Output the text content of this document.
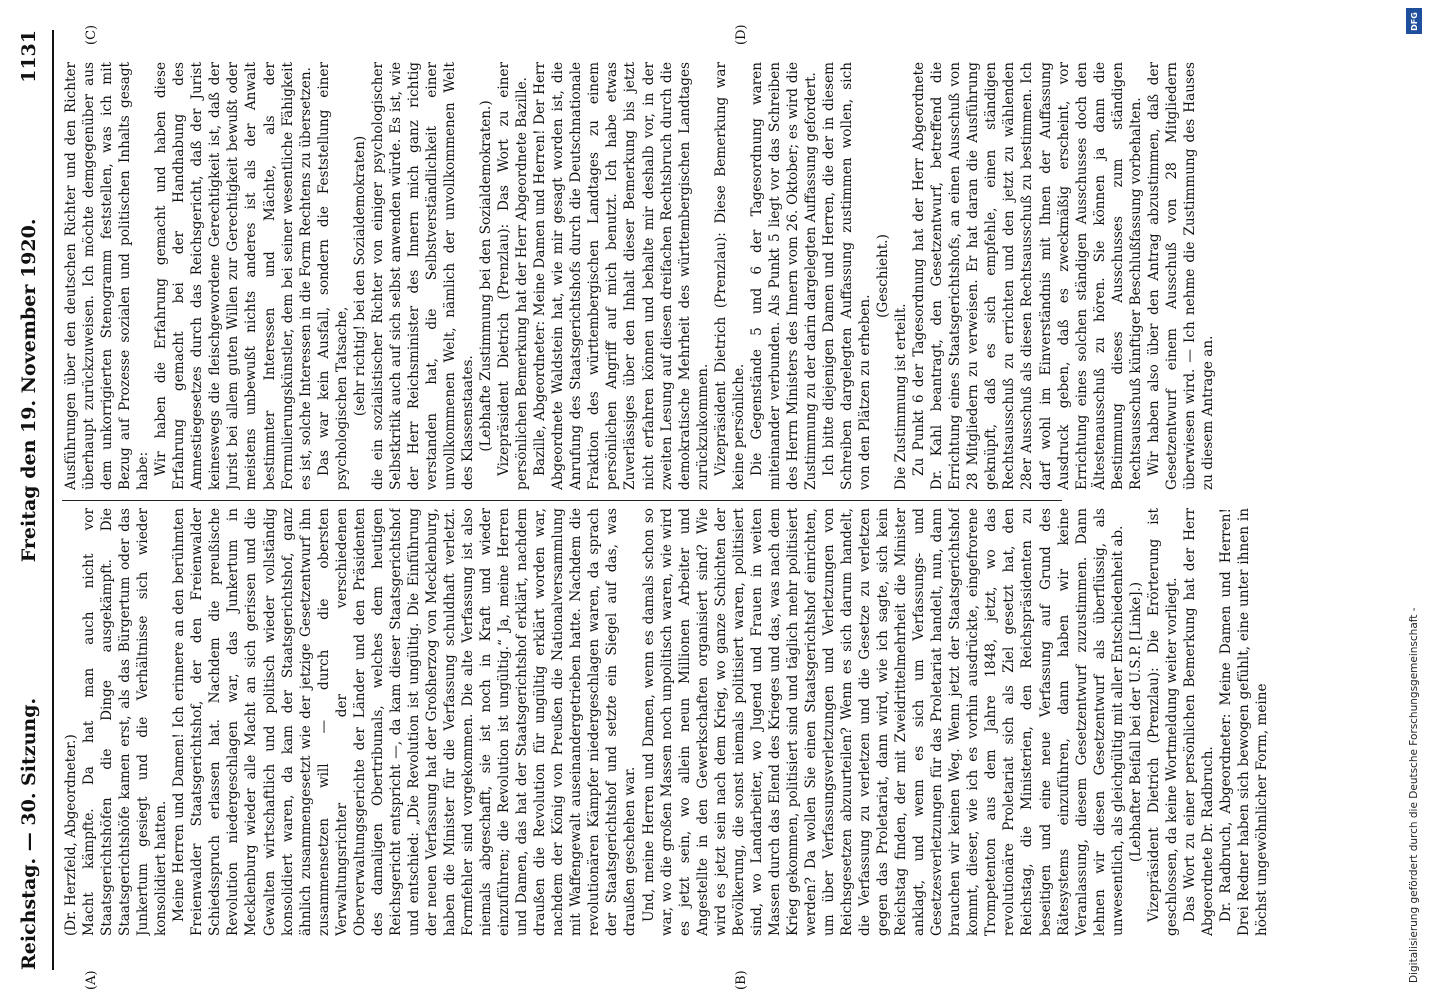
Reichstag. — 30. Sitzung.
Freitag den 19. November 1920.
1131
(A)	(B)
(C)	(D)

(Dr. Herzfeld, Abgeordneter.) Macht kämpfte. Da hat man auch nicht vor Staatsgerichtshöfen die Dinge ausgekämpft. Die Staatsgerichtshöfe kamen erst, als das Bürgertum oder das Junkertum gesiegt und die Verhältnisse sich wieder konsolidiert hatten. Meine Herren und Damen! Ich erinnere an den berühmten Freienwalder Staatsgerichtshof, der den Freienwalder Schiedsspruch erlassen hat. Nachdem die preußische Revolution niedergeschlagen war, das Junkertum in Mecklenburg wieder alle Macht an sich gerissen und die Gewalten wirtschaftlich und politisch wieder vollständig konsolidiert waren, da kam der Staatsgerichtshof, ganz ähnlich zusammengesetzt wie der jetzige Gesetzentwurf ihn zusammensetzen will — durch die obersten Verwaltungsrichter der verschiedenen Oberverwaltungsgerichte der Länder und den Präsidenten des damaligen Obertribunals, welches dem heutigen Reichsgericht entspricht —, da kam dieser Staatsgerichtshof und entschied: „Die Revolution ist ungültig. Die Einführung der neuen Verfassung hat der Großherzog von Mecklenburg, haben die Minister für die Verfassung schuldhaft verletzt. Formfehler sind vorgekommen. Die alte Verfassung ist also niemals abgeschafft, sie ist noch in Kraft und wieder einzuführen; die Revolution ist ungültig.“ Ja, meine Herren und Damen, das hat der Staatsgerichtshof erklärt, nachdem draußen die Revolution für ungültig erklärt worden war, nachdem der König von Preußen die Nationalversammlung mit Waffengewalt auseinandergetrieben hatte. Nachdem die revolutionären Kämpfer niedergeschlagen waren, da sprach der Staatsgerichtshof und setzte ein Siegel auf das, was draußen geschehen war. Und, meine Herren und Damen, wenn es damals schon so war, wo die großen Massen noch unpolitisch waren, wie wird es jetzt sein, wo allein neun Millionen Arbeiter und Angestellte in den Gewerkschaften organisiert sind? Wie wird es jetzt sein nach dem Krieg, wo ganze Schichten der Bevölkerung, die sonst niemals politisiert waren, politisiert sind, wo Landarbeiter, wo Jugend und Frauen in weiten Massen durch das Elend des Krieges und das, was nach dem Krieg gekommen, politisiert sind und täglich mehr politisiert werden? Da wollen Sie einen Staatsgerichtshof einrichten, um über Verfassungsverletzungen und Verletzungen von Reichsgesetzen abzuurteilen? Wenn es sich darum handelt, die Verfassung zu verletzen und die Gesetze zu verletzen gegen das Proletariat, dann wird, wie ich sagte, sich kein Reichstag finden, der mit Zweidrittelmehrheit die Minister anklagt, und wenn es sich um Verfassungs- und Gesetzesverletzungen für das Proletariat handelt, nun, dann brauchen wir keinen Weg. Wenn jetzt der Staatsgerichtshof kommt, dieser, wie ich es vorhin ausdrückte, eingefrorene Trompetenton aus dem Jahre 1848, jetzt, wo das revolutionäre Proletariat sich als Ziel gesetzt hat, den Reichstag, die Ministerien, den Reichspräsidenten zu beseitigen und eine neue Verfassung auf Grund des Rätesystems einzuführen, dann haben wir keine Veranlassung, diesem Gesetzentwurf zuzustimmen. Dann lehnen wir diesen Gesetzentwurf als überflüssig, als unwesentlich, als gleichgültig mit aller Entschiedenheit ab. (Lebhafter Beifall bei der U.S.P. [Linke].) Vizepräsident Dietrich (Prenzlau): Die Erörterung ist geschlossen, da keine Wortmeldung weiter vorliegt. Das Wort zu einer persönlichen Bemerkung hat der Herr Abgeordnete Dr. Radbruch. Dr. Radbruch, Abgeordneter: Meine Damen und Herren! Drei Redner haben sich bewogen gefühlt, eine unter ihnen in höchst ungewöhnlicher Form, meine

Ausführungen über den deutschen Richter und den Richter überhaupt zurückzuweisen. Ich möchte demgegenüber aus dem unkorrigierten Stenogramm feststellen, was ich mit Bezug auf Prozesse sozialen und politischen Inhalts gesagt habe: Wir haben die Erfahrung gemacht und haben diese Erfahrung gemacht bei der Handhabung des Amnestiegesetzes durch das Reichsgericht, daß der Jurist keineswegs die fleischgewordene Gerechtigkeit ist, daß der Jurist bei allem guten Willen zur Gerechtigkeit bewußt oder meistens unbewußt nichts anderes ist als der Anwalt bestimmter Interessen und Mächte, als der Formulierungskünstler, dem bei seiner wesentliche Fähigkeit es ist, solche Interessen in die Form Rechtens zu übersetzen. Das war kein Ausfall, sondern die Feststellung einer psychologischen Tatsache, (sehr richtig! bei den Sozialdemokraten) die ein sozialistischer Richter von einiger psychologischer Selbstkritik auch auf sich selbst anwenden würde. Es ist, wie der Herr Reichsminister des Innern mich ganz richtig verstanden hat, die Selbstverständlichkeit einer unvollkommenen Welt, nämlich der unvollkommenen Welt des Klassenstaates. (Lebhafte Zustimmung bei den Sozialdemokraten.) Vizepräsident Dietrich (Prenzlau): Das Wort zu einer persönlichen Bemerkung hat der Herr Abgeordnete Bazille. Bazille, Abgeordneter: Meine Damen und Herren! Der Herr Abgeordnete Waldstein hat, wie mir gesagt worden ist, die Anrufung des Staatsgerichtshofs durch die Deutschnationale Fraktion des württembergischen Landtages zu einem persönlichen Angriff auf mich benutzt. Ich habe etwas Zuverlässiges über den Inhalt dieser Bemerkung bis jetzt nicht erfahren können und behalte mir deshalb vor, in der zweiten Lesung auf diesen dreifachen Rechtsbruch durch die demokratische Mehrheit des württembergischen Landtages zurückzukommen. Vizepräsident Dietrich (Prenzlau): Diese Bemerkung war keine persönliche. Die Gegenstände 5 und 6 der Tagesordnung waren miteinander verbunden. Als Punkt 5 liegt vor das Schreiben des Herrn Ministers des Innern vom 26. Oktober; es wird die Zustimmung zu der darin dargelegten Auffassung gefordert. Ich bitte diejenigen Damen und Herren, die der in diesem Schreiben dargelegten Auffassung zustimmen wollen, sich von den Plätzen zu erheben.

(Geschieht.)

Die Zustimmung ist erteilt. Zu Punkt 6 der Tagesordnung hat der Herr Abgeordnete Dr. Kahl beantragt, den Gesetzentwurf, betreffend die Errichtung eines Staatsgerichtshofs, an einen Ausschuß von 28 Mitgliedern zu verweisen. Er hat daran die Ausführung geknüpft, daß es sich empfehle, einen ständigen Rechtsausschuß zu errichten und den jetzt zu wählenden 28er Ausschuß als diesen Rechtsausschuß zu bestimmen. Ich darf wohl im Einverständnis mit Ihnen der Auffassung Ausdruck geben, daß es zweckmäßig erscheint, vor Errichtung eines solchen ständigen Ausschusses doch den Ältestenausschuß zu hören. Sie können ja dann die Bestimmung dieses Ausschusses zum ständigen Rechtsausschuß künftiger Beschlußfassung vorbehalten. Wir haben also über den Antrag abzustimmen, daß der Gesetzentwurf einem Ausschuß von 28 Mitgliedern überwiesen wird. — Ich nehme die Zustimmung des Hauses zu diesem Antrage an.

DFG
Digitalisierung gefördert durch die Deutsche Forschungsgemeinschaft -
